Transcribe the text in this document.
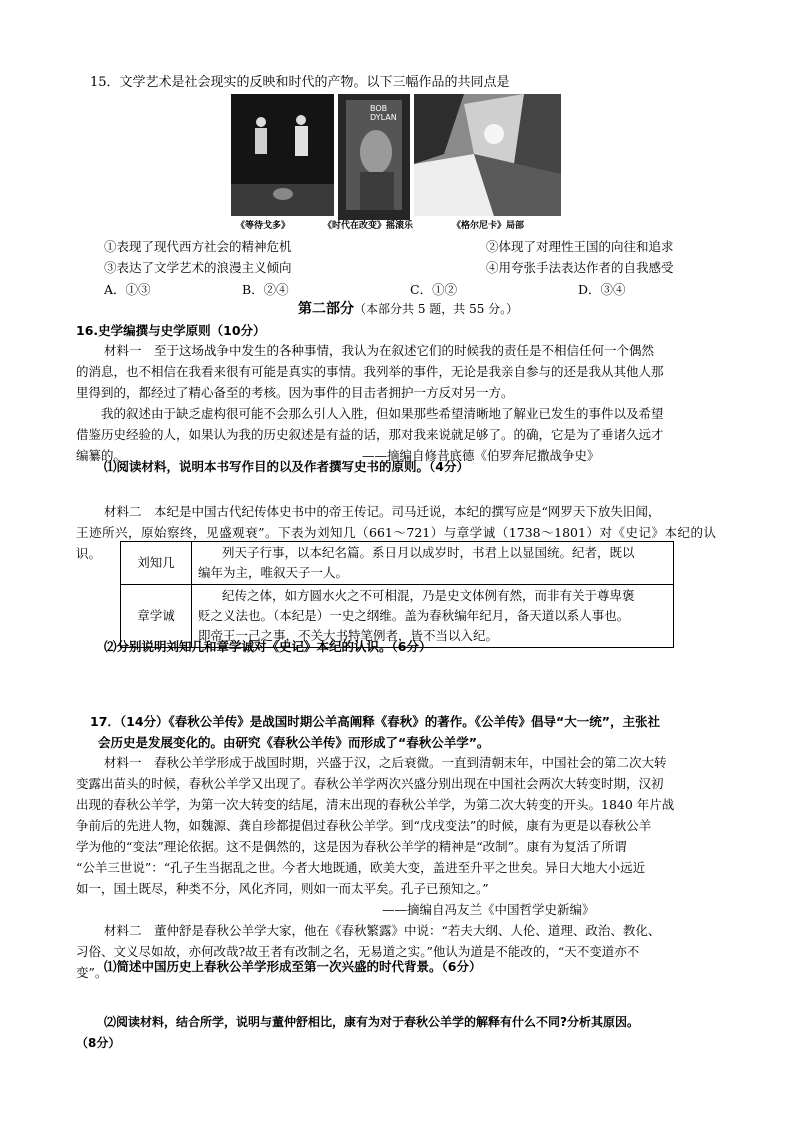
15．文学艺术是社会现实的反映和时代的产物。以下三幅作品的共同点是
《等待戈多》
BOB DYLAN
《时代在改变》摇滚乐	《格尔尼卡》局部
①表现了现代西方社会的精神危机	②体现了对理性王国的向往和追求
③表达了文学艺术的浪漫主义倾向	④用夸张手法表达作者的自我感受
A．①③	B．②④	C．①②	D．③④
第二部分（本部分共 5 题，共 55 分。）
16.史学编撰与史学原则（10分）
材料一　至于这场战争中发生的各种事情，我认为在叙述它们的时候我的责任是不相信任何一个偶然
的消息，也不相信在我看来很有可能是真实的事情。我列举的事件，无论是我亲自参与的还是我从其他人那
里得到的，都经过了精心备至的考核。因为事件的目击者拥护一方反对另一方。
　　我的叙述由于缺乏虚构很可能不会那么引人入胜，但如果那些希望清晰地了解业已发生的事件以及希望
借鉴历史经验的人，如果认为我的历史叙述是有益的话，那对我来说就足够了。的确，它是为了垂诸久远才
编纂的。	——摘编自修昔底德《伯罗奔尼撒战争史》
⑴阅读材料，说明本书写作目的以及作者撰写史书的原则。（4分）
材料二　本纪是中国古代纪传体史书中的帝王传记。司马迁说，本纪的撰写应是“网罗天下放失旧闻，
王迹所兴，原始察终，见盛观衰”。下表为刘知几（661～721）与章学诚（1738～1801）对《史记》本纪的认识。
刘知几	列天子行事，以本纪名篇。系日月以成岁时，书君上以显国统。纪者，既以
编年为主，唯叙天子一人。

章学诚	纪传之体，如方圆水火之不可相混，乃是史文体例有然，而非有关于尊卑褒
贬之义法也。（本纪是）一史之纲维。盖为春秋编年纪月，备天道以系人事也。
即帝王一己之事，不关大书特笔例者，皆不当以入纪。
⑵分别说明刘知几和章学诚对《史记》本纪的认识。（6分）
17．（14分）《春秋公羊传》是战国时期公羊高阐释《春秋》的著作。《公羊传》倡导“大一统”，主张社
会历史是发展变化的。由研究《春秋公羊传》而形成了“春秋公羊学”。
材料一　春秋公羊学形成于战国时期，兴盛于汉，之后衰微。一直到清朝末年，中国社会的第二次大转
变露出苗头的时候，春秋公羊学又出现了。春秋公羊学两次兴盛分别出现在中国社会两次大转变时期，汉初
出现的春秋公羊学，为第一次大转变的结尾，清末出现的春秋公羊学，为第二次大转变的开头。1840 年片战
争前后的先进人物，如魏源、龚自珍都提倡过春秋公羊学。到“戊戌变法”的时候，康有为更是以春秋公羊
学为他的“变法”理论依据。这不是偶然的，这是因为春秋公羊学的精神是“改制”。康有为复活了所谓
“公羊三世说”：“孔子生当据乱之世。今者大地既通，欧美大变，盖进至升平之世矣。异日大地大小远近
如一，国土既尽，种类不分，风化齐同，则如一而太平矣。孔子已预知之。”
——摘编自冯友兰《中国哲学史新编》
材料二　董仲舒是春秋公羊学大家，他在《春秋繁露》中说：“若夫大纲、人伦、道理、政治、教化、
习俗、文义尽如故，亦何改哉?故王者有改制之名，无易道之实。”他认为道是不能改的，“天不变道亦不
变”。
⑴简述中国历史上春秋公羊学形成至第一次兴盛的时代背景。（6分）
⑵阅读材料，结合所学，说明与董仲舒相比，康有为对于春秋公羊学的解释有什么不同?分析其原因。
（8分）
